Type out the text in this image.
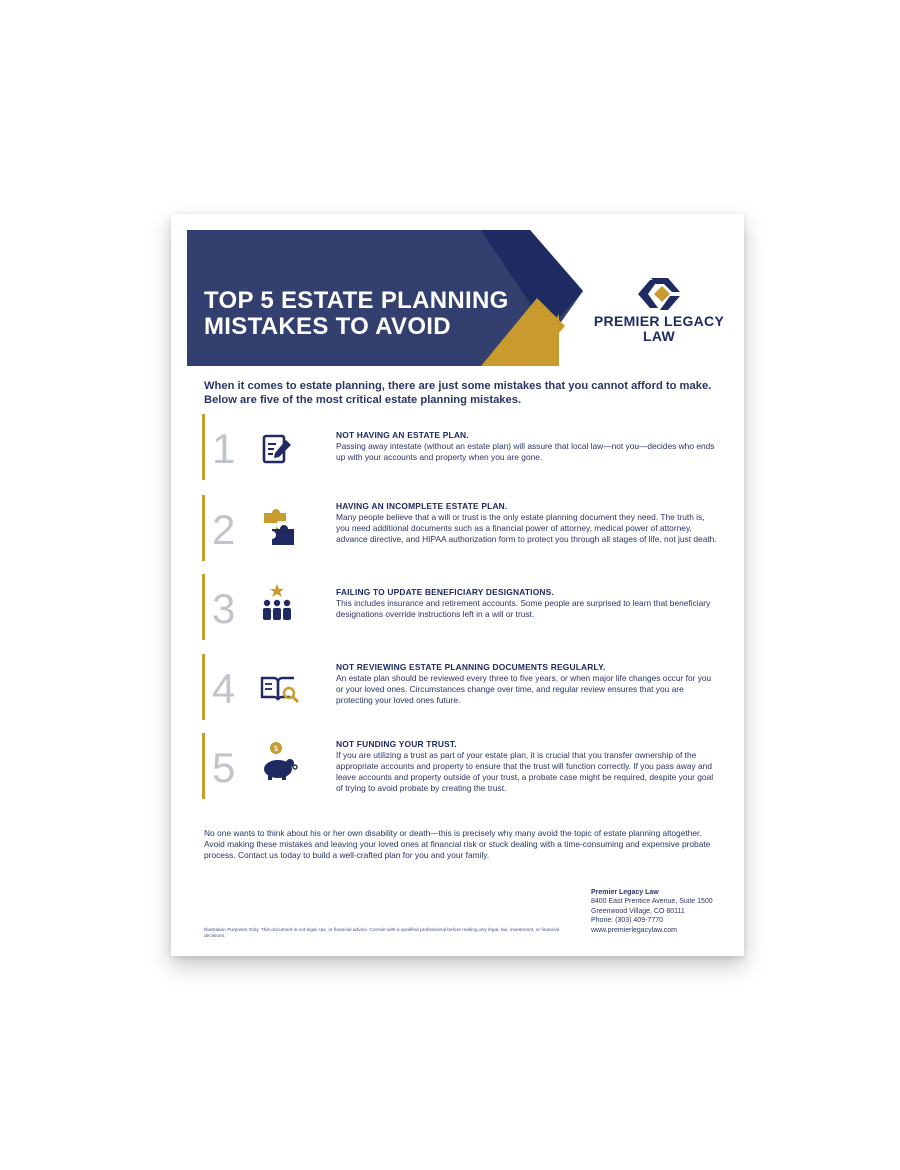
TOP 5 ESTATE PLANNING
MISTAKES TO AVOID	PREMIER LEGACY
LAW

When it comes to estate planning, there are just some mistakes that you cannot afford to make. Below are five of the most critical estate planning mistakes.

1	NOT HAVING AN ESTATE PLAN.

Passing away intestate (without an estate plan) will assure that local law—not you—decides who ends up with your accounts and property when you are gone.

2	HAVING AN INCOMPLETE ESTATE PLAN.

Many people believe that a will or trust is the only estate planning document they need. The truth is, you need additional documents such as a financial power of attorney, medical power of attorney, advance directive, and HIPAA authorization form to protect you through all stages of life, not just death.

3	FAILING TO UPDATE BENEFICIARY DESIGNATIONS.

This includes insurance and retirement accounts. Some people are surprised to learn that beneficiary designations override instructions left in a will or trust.

4	NOT REVIEWING ESTATE PLANNING DOCUMENTS REGULARLY.

An estate plan should be reviewed every three to five years, or when major life changes occur for you or your loved ones. Circumstances change over time, and regular review ensures that you are protecting your loved ones future.

5	$	NOT FUNDING YOUR TRUST.

If you are utilizing a trust as part of your estate plan, it is crucial that you transfer ownership of the appropriate accounts and property to ensure that the trust will function correctly. If you pass away and leave accounts and property outside of your trust, a probate case might be required, despite your goal of trying to avoid probate by creating the trust.

No one wants to think about his or her own disability or death—this is precisely why many avoid the topic of estate planning altogether. Avoid making these mistakes and leaving your loved ones at financial risk or stuck dealing with a time-consuming and expensive probate process. Contact us today to build a well-crafted plan for you and your family.

Premier Legacy Law
8400 East Prentice Avenue, Suite 1500
Greenwood Village, CO 80111
Phone: (303) 409-7770
www.premierlegacylaw.com

Illustration Purposes Only. This document is not legal, tax, or financial advice. Consult with a qualified professional before making any legal, tax, investment, or financial decisions.
